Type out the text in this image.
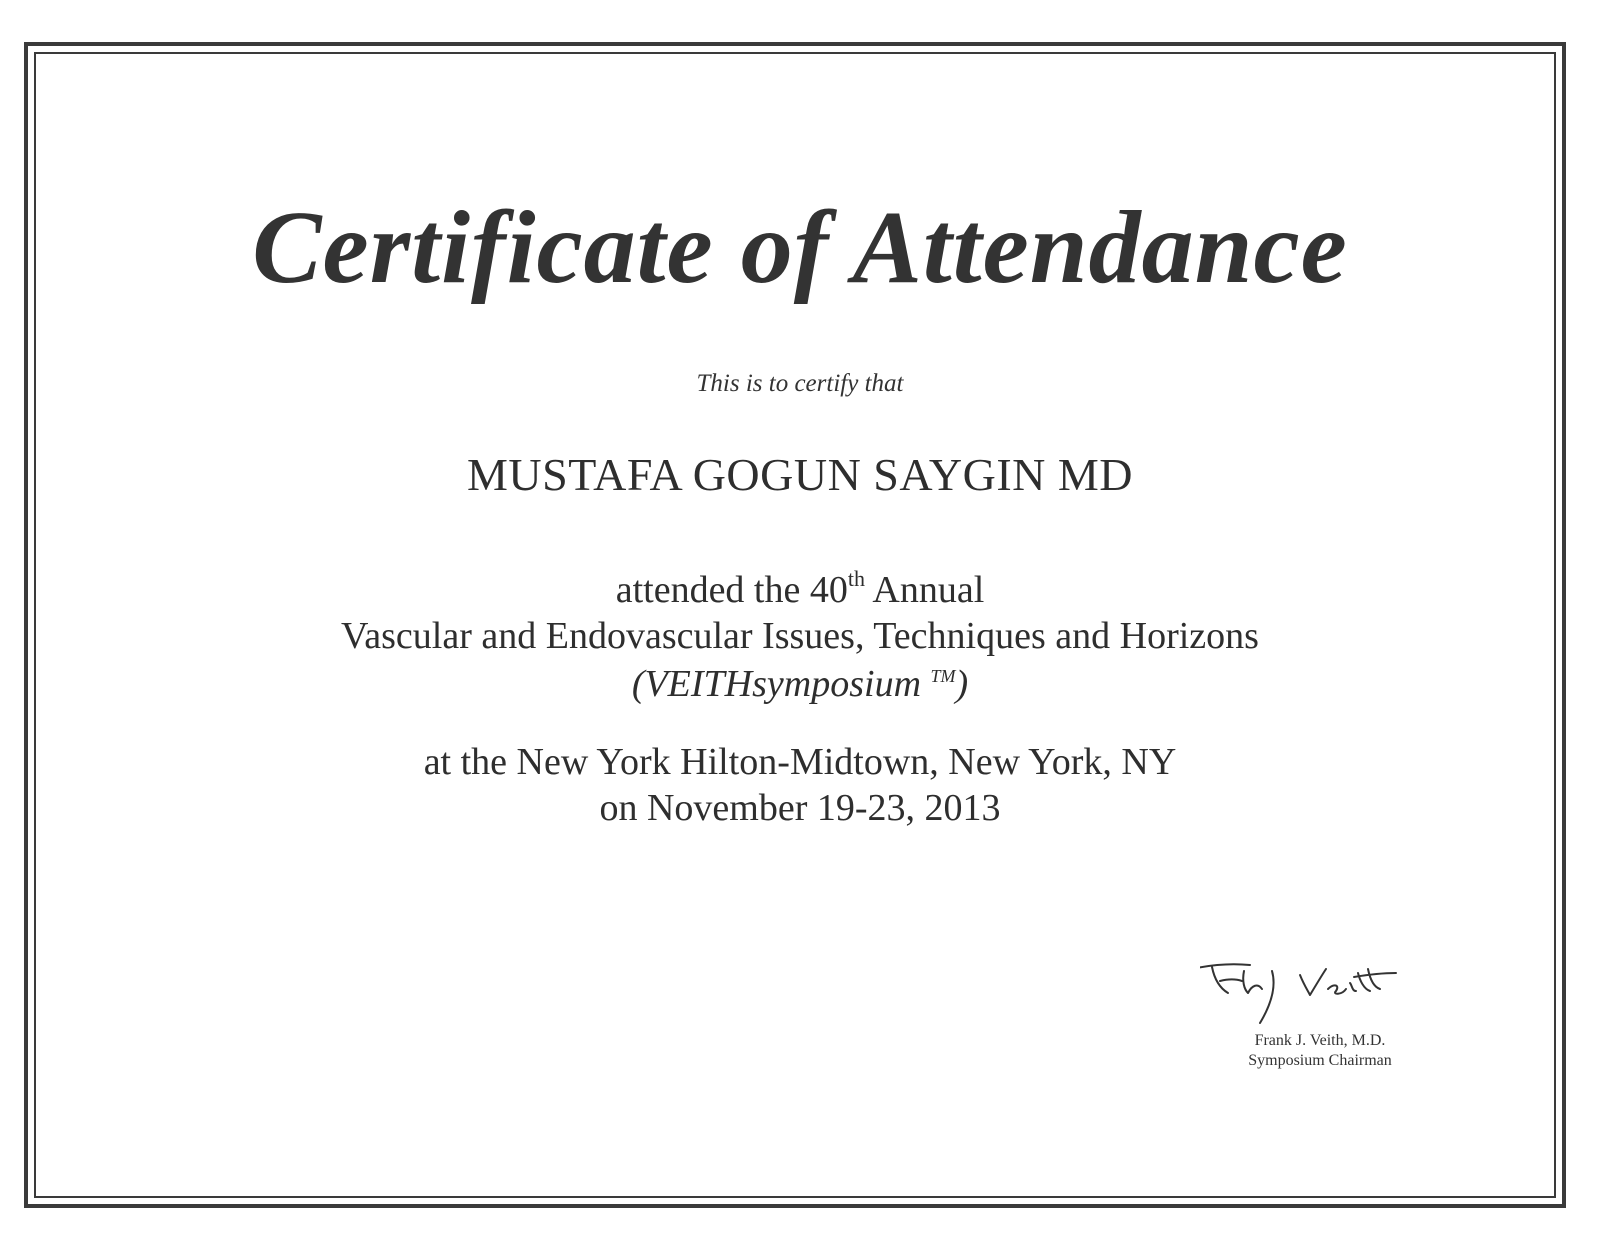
Certificate of Attendance
This is to certify that
MUSTAFA GOGUN SAYGIN MD
attended the 40th Annual
Vascular and Endovascular Issues, Techniques and Horizons
(VEITHsymposium ™)
at the New York Hilton-Midtown, New York, NY
on November 19-23, 2013
Frank J. Veith, M.D.
Symposium Chairman
